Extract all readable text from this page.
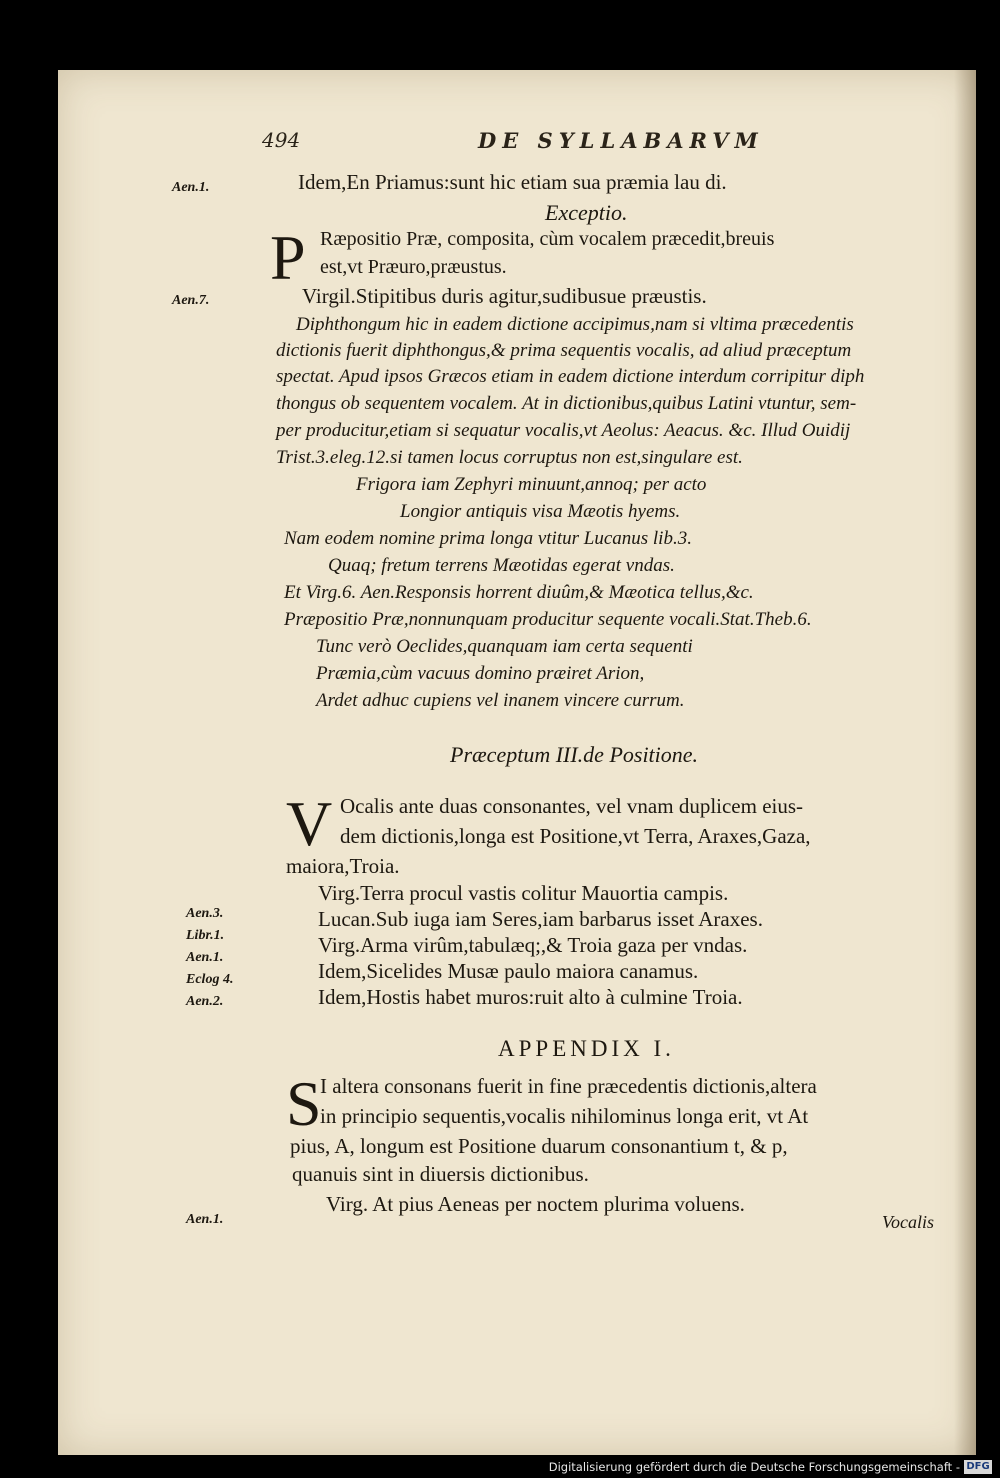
494	DE SYLLABARVM
Aen.1.
Aen.7.
Aen.3.
Libr.1.
Aen.1.
Eclog 4.
Aen.2.
Aen.1.
Idem,En Priamus:sunt hic etiam sua præmia lau di.
Exceptio.
P Ræpositio Præ, composita, cùm vocalem præcedit,breuis
est,vt Præuro,præustus.
Virgil.Stipitibus duris agitur,sudibusue præustis.
Diphthongum hic in eadem dictione accipimus,nam si vltima præcedentis
dictionis fuerit diphthongus,& prima sequentis vocalis, ad aliud præceptum
spectat. Apud ipsos Græcos etiam in eadem dictione interdum corripitur diph
thongus ob sequentem vocalem. At in dictionibus,quibus Latini vtuntur, sem-
per producitur,etiam si sequatur vocalis,vt Aeolus: Aeacus. &c. Illud Ouidij
Trist.3.eleg.12.si tamen locus corruptus non est,singulare est.
Frigora iam Zephyri minuunt,annoq; per acto
Longior antiquis visa Mæotis hyems.
Nam eodem nomine prima longa vtitur Lucanus lib.3.
Quaq; fretum terrens Mæotidas egerat vndas.
Et Virg.6. Aen.Responsis horrent diuûm,& Mæotica tellus,&c.
Præpositio Præ,nonnunquam producitur sequente vocali.Stat.Theb.6.
Tunc verò Oeclides,quanquam iam certa sequenti
Præmia,cùm vacuus domino præiret Arion,
Ardet adhuc cupiens vel inanem vincere currum.
Præceptum III.de Positione.
V Ocalis ante duas consonantes, vel vnam duplicem eius-
dem dictionis,longa est Positione,vt Terra, Araxes,Gaza,
maiora,Troia.
Virg.Terra procul vastis colitur Mauortia campis.
Lucan.Sub iuga iam Seres,iam barbarus isset Araxes.
Virg.Arma virûm,tabulæq;,& Troia gaza per vndas.
Idem,Sicelides Musæ paulo maiora canamus.
Idem,Hostis habet muros:ruit alto à culmine Troia.
APPENDIX I.
S
I altera consonans fuerit in fine præcedentis dictionis,altera
in principio sequentis,vocalis nihilominus longa erit, vt At
pius, A, longum est Positione duarum consonantium t, & p,
quanuis sint in diuersis dictionibus.
Virg. At pius Aeneas per noctem plurima voluens.
Vocalis
Digitalisierung gefördert durch die Deutsche Forschungsgemeinschaft - DFG
